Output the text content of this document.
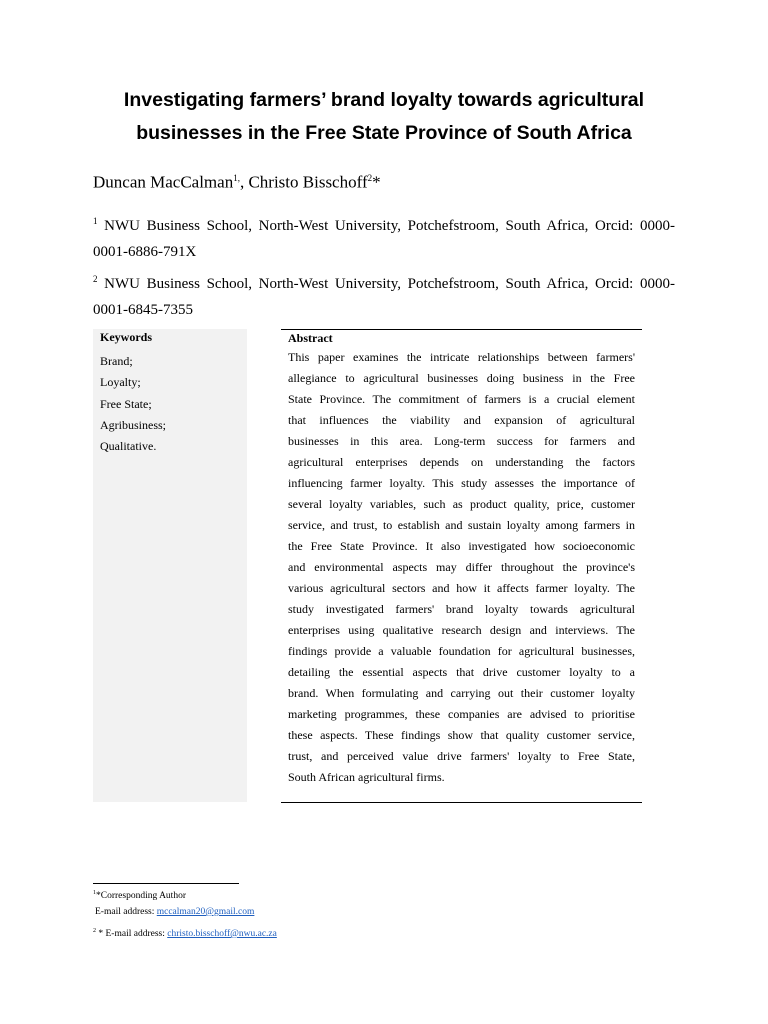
Investigating farmers’ brand loyalty towards agricultural
businesses in the Free State Province of South Africa
Duncan MacCalman$^{1,}$, Christo Bisschoff$^2$*
$^1$ NWU Business School, North-West University, Potchefstroom, South Africa, Orcid: 0000-
0001-6886-791X
$^2$ NWU Business School, North-West University, Potchefstroom, South Africa, Orcid: 0000-
0001-6845-7355
Keywords
Brand;
Loyalty;
Free State;
Agribusiness;
Qualitative.
Abstract
This paper examines the intricate relationships between farmers'
allegiance to agricultural businesses doing business in the Free
State Province. The commitment of farmers is a crucial element
that influences the viability and expansion of agricultural
businesses in this area. Long-term success for farmers and
agricultural enterprises depends on understanding the factors
influencing farmer loyalty. This study assesses the importance of
several loyalty variables, such as product quality, price, customer
service, and trust, to establish and sustain loyalty among farmers in
the Free State Province. It also investigated how socioeconomic
and environmental aspects may differ throughout the province's
various agricultural sectors and how it affects farmer loyalty. The
study investigated farmers' brand loyalty towards agricultural
enterprises using qualitative research design and interviews. The
findings provide a valuable foundation for agricultural businesses,
detailing the essential aspects that drive customer loyalty to a
brand. When formulating and carrying out their customer loyalty
marketing programmes, these companies are advised to prioritise
these aspects. These findings show that quality customer service,
trust, and perceived value drive farmers' loyalty to Free State,
South African agricultural firms.
$^1$*Corresponding Author
E-mail address: mccalman20@gmail.com
$^2$ * E-mail address: christo.bisschoff@nwu.ac.za
